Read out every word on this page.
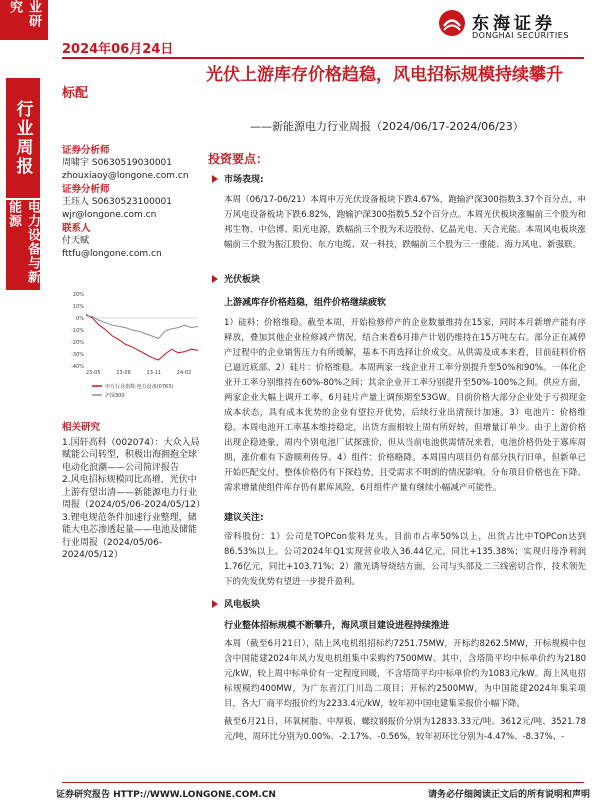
业研究
行业周报
电力设备与新能源
2024年06月24日
东海证券
DONGHAI SECURITIES
标配
光伏上游库存价格趋稳，风电招标规模持续攀升
——新能源电力行业周报（2024/06/17-2024/06/23）
证券分析师
周啸宇 S0630519030001
zhouxiaoy@longone.com.cn
证券分析师
王珏人 S0630523100001
wjr@longone.com.cn
联系人
付天赋
fttfu@longone.com.cn
20%
10%
0%
-10%
-20%
-30%
-40%
23-05	23-08	23-11	24-02
申万行业指数:电力设备(0763)
沪深300
相关研究
1.国轩高科（002074）：大众入局赋能公司转型，积极出海拥抱全球电动化浪潮——公司简评报告
2.风电招标规模同比高增，光伏中上游有望出清——新能源电力行业周报（2024/05/06-2024/05/12）
3.锂电规范条件加速行业整理，储能大电芯渗透起量——电池及储能行业周报（2024/05/06-2024/05/12）
投资要点：
市场表现:
本周（06/17-06/21）本周申万光伏设备板块下跌4.67%，跑输沪深300指数3.37个百分点，申万风电设备板块下跌6.82%，跑输沪深300指数5.52个百分点。本周光伏板块涨幅前三个股为和邦生物、中信博、阳光电源，跌幅前三个股为禾迈股份、亿晶光电、天合光能。本周风电板块涨幅前三个股为振江股份、东方电缆、双一科技，跌幅前三个股为三一重能、海力风电、新强联。
光伏板块
上游减库存价格趋稳，组件价格继续疲软
1）硅料：价格维稳。截至本周，开始检修停产的企业数量维持在15家，同时本月新增产能有序释放，叠加其他企业检修减产情况，结合来看6月排产计划仍维持在15万吨左右。部分正在减停产过程中的企业销售压力有所缓解，基本不再选择让价成交。从供需及成本来看，目前硅料价格已逼近底部。2）硅片：价格维稳。本周两家一线企业开工率分别提升至50%和90%。一体化企业开工率分别维持在60%-80%之间；其余企业开工率分别提升至50%-100%之间。供应方面，两家企业大幅上调开工率，6月硅片产量上调预期至53GW。目前价格大部分企业处于亏损现金成本状态，具有成本优势的企业有望拉开优势，后续行业出清预计加速。3）电池片：价格维稳。本周电池开工率基本维持稳定，出货方面相较上周有所好转，但增量订单少。由于上游价格出现企稳迹象，周内个别电池厂试探涨价，但从当前电池供需情况来看，电池价格仍处于寡库周期，涨价难有下游顺利传导。4）组件：价格略降。本周国内项目仍有部分执行旧单，但新单已开始匹配交付，整体价格仍有下探趋势，且受需求不明朗的情况影响，分布项目价格也在下降。需求增量使组件库存仍有累库风险，6月组件产量有继续小幅减产可能性。
建议关注:
帝科股份：1）公司是TOPCon浆料龙头，目前市占率50%以上，出货占比中TOPCon达到86.53%以上。公司2024年Q1实现营业收入36.44亿元，同比+135.38%；实现归母净利润1.76亿元，同比+103.71%；2）激光诱导烧结方面，公司与头部及二三线密切合作，技术领先下的先发优势有望进一步提升盈利。
风电板块
行业整体招标规模不断攀升，海风项目建设进程持续推进
本周（截至6月21日），陆上风电机组招标约7251.75MW，开标约8262.5MW，开标规模中包含中国能建2024年风力发电机组集中采购约7500MW。其中，含塔筒平均中标单价约为2180元/kW，较上周中标单价有一定程度回暖，不含塔筒平均中标单价约为1083元/kW。海上风电招标规模约400MW，为广东省江门川岛二项目；开标约2500MW，为中国能建2024年集采项目，各大厂商平均报价约为2233.4元/kW，较年初中国电建集采报价小幅下降。
截至6月21日，环氧树脂、中厚板、螺纹钢报价分别为12833.33元/吨、3612元/吨、3521.78元/吨，周环比分别为0.00%、-2.17%、-0.56%，较年初环比分别为-4.47%、-8.37%、-
证券研究报告 HTTP://WWW.LONGONE.COM.CN	请务必仔细阅读正文后的所有说明和声明
